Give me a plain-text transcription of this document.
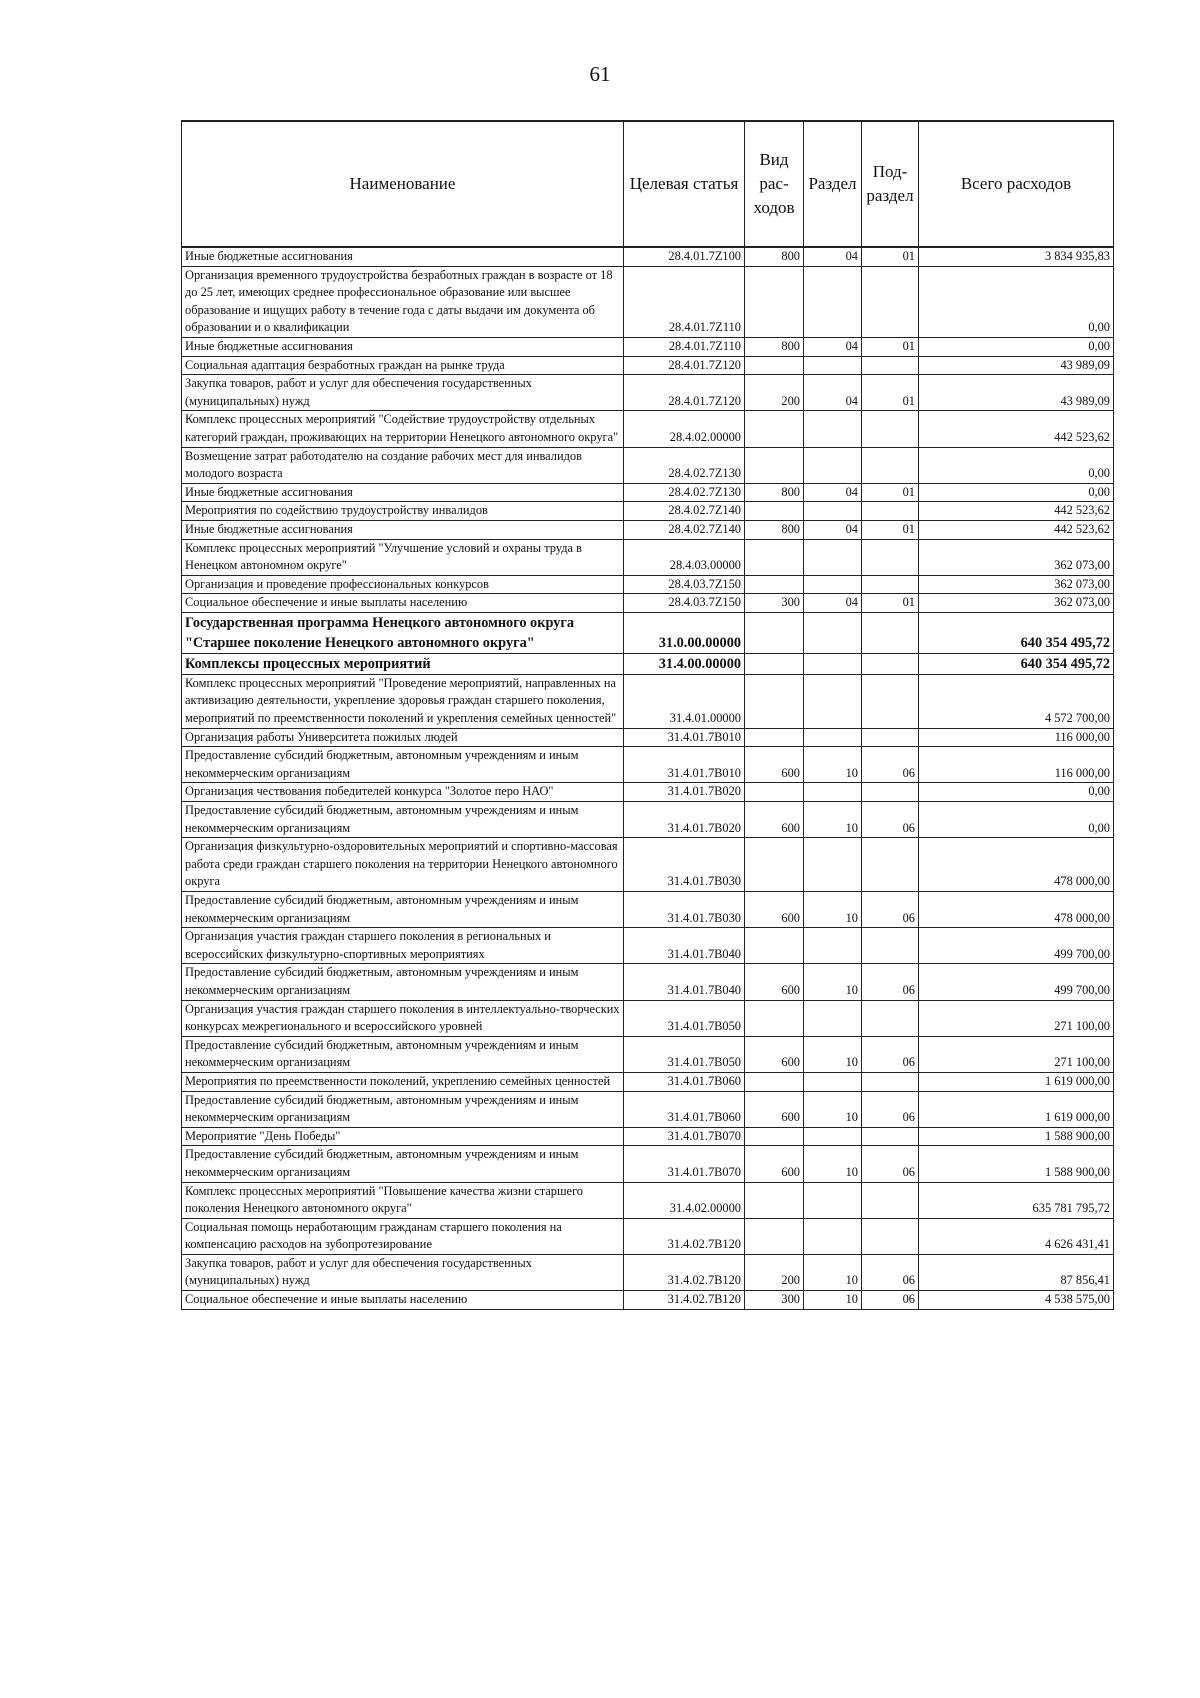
61
Наименование	Целевая статья	Вид рас- ходов	Раздел	Под- раздел	Всего расходов
Иные бюджетные ассигнования	28.4.01.7Z100	800	04	01	3 834 935,83
Организация временного трудоустройства безработных граждан в возрасте от 18 до 25 лет, имеющих среднее профессиональное образование или высшее образование и ищущих работу в течение года с даты выдачи им документа об образовании и о квалификации	28.4.01.7Z110				0,00
Иные бюджетные ассигнования	28.4.01.7Z110	800	04	01	0,00
Социальная адаптация безработных граждан на рынке труда	28.4.01.7Z120				43 989,09
Закупка товаров, работ и услуг для обеспечения государственных (муниципальных) нужд	28.4.01.7Z120	200	04	01	43 989,09
Комплекс процессных мероприятий "Содействие трудоустройству отдельных категорий граждан, проживающих на территории Ненецкого автономного округа"	28.4.02.00000				442 523,62
Возмещение затрат работодателю на создание рабочих мест для инвалидов молодого возраста	28.4.02.7Z130				0,00
Иные бюджетные ассигнования	28.4.02.7Z130	800	04	01	0,00
Мероприятия по содействию трудоустройству инвалидов	28.4.02.7Z140				442 523,62
Иные бюджетные ассигнования	28.4.02.7Z140	800	04	01	442 523,62
Комплекс процессных мероприятий "Улучшение условий и охраны труда в Ненецком автономном округе"	28.4.03.00000				362 073,00
Организация и проведение профессиональных конкурсов	28.4.03.7Z150				362 073,00
Социальное обеспечение и иные выплаты населению	28.4.03.7Z150	300	04	01	362 073,00
Государственная программа Ненецкого автономного округа "Старшее поколение Ненецкого автономного округа"	31.0.00.00000				640 354 495,72
Комплексы процессных мероприятий	31.4.00.00000				640 354 495,72
Комплекс процессных мероприятий "Проведение мероприятий, направленных на активизацию деятельности, укрепление здоровья граждан старшего поколения, мероприятий по преемственности поколений и укрепления семейных ценностей"	31.4.01.00000				4 572 700,00
Организация работы Университета пожилых людей	31.4.01.7B010				116 000,00
Предоставление субсидий бюджетным, автономным учреждениям и иным некоммерческим организациям	31.4.01.7B010	600	10	06	116 000,00
Организация чествования победителей конкурса "Золотое перо НАО"	31.4.01.7B020				0,00
Предоставление субсидий бюджетным, автономным учреждениям и иным некоммерческим организациям	31.4.01.7B020	600	10	06	0,00
Организация физкультурно-оздоровительных мероприятий и спортивно-массовая работа среди граждан старшего поколения на территории Ненецкого автономного округа	31.4.01.7B030				478 000,00
Предоставление субсидий бюджетным, автономным учреждениям и иным некоммерческим организациям	31.4.01.7B030	600	10	06	478 000,00
Организация участия граждан старшего поколения в региональных и всероссийских физкультурно-спортивных мероприятиях	31.4.01.7B040				499 700,00
Предоставление субсидий бюджетным, автономным учреждениям и иным некоммерческим организациям	31.4.01.7B040	600	10	06	499 700,00
Организация участия граждан старшего поколения в интеллектуально-творческих конкурсах межрегионального и всероссийского уровней	31.4.01.7B050				271 100,00
Предоставление субсидий бюджетным, автономным учреждениям и иным некоммерческим организациям	31.4.01.7B050	600	10	06	271 100,00
Мероприятия по преемственности поколений, укреплению семейных ценностей	31.4.01.7B060				1 619 000,00
Предоставление субсидий бюджетным, автономным учреждениям и иным некоммерческим организациям	31.4.01.7B060	600	10	06	1 619 000,00
Мероприятие "День Победы"	31.4.01.7B070				1 588 900,00
Предоставление субсидий бюджетным, автономным учреждениям и иным некоммерческим организациям	31.4.01.7B070	600	10	06	1 588 900,00
Комплекс процессных мероприятий "Повышение качества жизни старшего поколения Ненецкого автономного округа"	31.4.02.00000				635 781 795,72
Социальная помощь неработающим гражданам старшего поколения на компенсацию расходов на зубопротезирование	31.4.02.7B120				4 626 431,41
Закупка товаров, работ и услуг для обеспечения государственных (муниципальных) нужд	31.4.02.7B120	200	10	06	87 856,41
Социальное обеспечение и иные выплаты населению	31.4.02.7B120	300	10	06	4 538 575,00
